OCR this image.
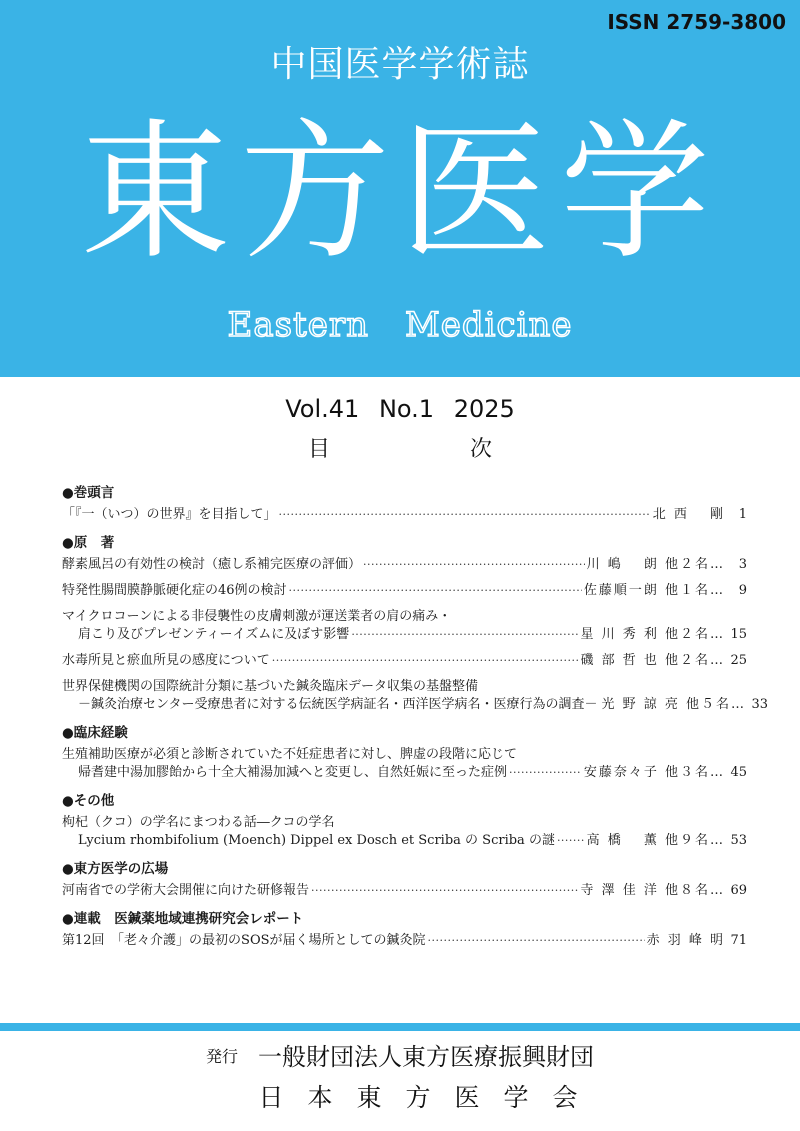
ISSN 2759-3800
中国医学学術誌
東方医学
Eastern Medicine
Vol.41 No.1 2025
目	次
●巻頭言
「『一（いつ）の世界』を目指して」 ·····	北 西　 剛	1
●原　著
酵素風呂の有効性の検討（癒し系補完医療の評価） ·····	川 嶋　 朗 他２名…	3
特発性腸間膜静脈硬化症の46例の検討 ·····	佐藤順一朗 他１名…	9
マイクロコーンによる非侵襲性の皮膚刺激が運送業者の肩の痛み・
肩こり及びプレゼンティーイズムに及ぼす影響 ·····	星 川 秀 利 他２名… 15
水毒所見と瘀血所見の感度について ·····	磯 部 哲 也 他２名… 25
世界保健機関の国際統計分類に基づいた鍼灸臨床データ収集の基盤整備
－鍼灸治療センター受療患者に対する伝統医学病証名・西洋医学病名・医療行為の調査－ 光 野 諒 亮 他５名… 33
●臨床経験
生殖補助医療が必須と診断されていた不妊症患者に対し、脾虚の段階に応じて
帰耆建中湯加膠飴から十全大補湯加減へと変更し、自然妊娠に至った症例 ·····	安藤奈々子 他３名… 45
●その他
枸杞（クコ）の学名にまつわる話―クコの学名
Lycium rhombifolium (Moench) Dippel ex Dosch et Scriba の Scriba の謎 ····· 高 橋　 薫 他９名… 53
●東方医学の広場
河南省での学術大会開催に向けた研修報告 ·····	寺 澤 佳 洋 他８名… 69
●連載　医鍼薬地域連携研究会レポート
第12回　「老々介護」の最初のSOSが届く場所としての鍼灸院 ·····	赤 羽 峰 明 71
発行 一般財団法人東方医療振興財団
日本東方医学会
